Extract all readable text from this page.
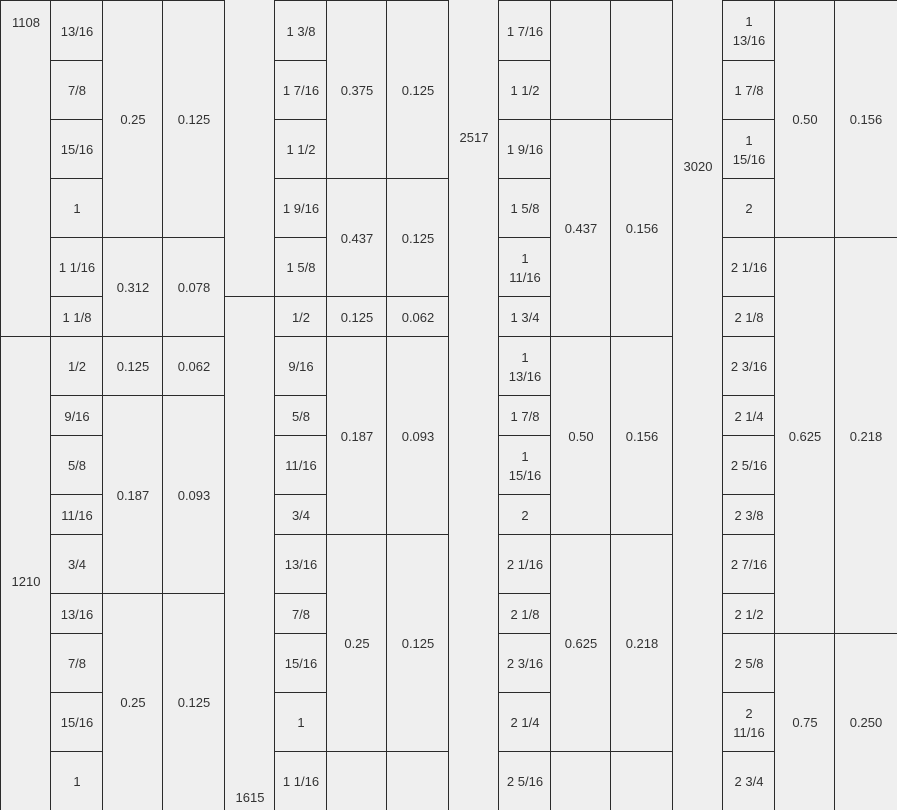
1108
1210
13/16
7/8
15/16
1
1 1/16
1 1/8
1/2
9/16
5/8
11/16
3/4
13/16
7/8
15/16
1
0.25
0.312
0.125
0.187
0.25
0.125
0.078
0.062
0.093
0.125
1615
1 3/8
1 7/16
1 1/2
1 9/16
1 5/8
1/2
9/16
5/8
11/16
3/4
13/16
7/8
15/16
1
1 1/16
0.375
0.437
0.125
0.187
0.25
0.125
0.125
0.062
0.093
0.125
2517
1 7/16
1 1/2
1 9/16
1 5/8
1 11/16
1 3/4
1 13/16
1 7/8
1 15/16
2
2 1/16
2 1/8
2 3/16
2 1/4
2 5/16
0.437
0.50
0.625
0.156
0.156
0.218
3020
1 13/16
1 7/8
1 15/16
2
2 1/16
2 1/8
2 3/16
2 1/4
2 5/16
2 3/8
2 7/16
2 1/2
2 5/8
2 11/16
2 3/4
0.50
0.625
0.75
0.156
0.218
0.250
